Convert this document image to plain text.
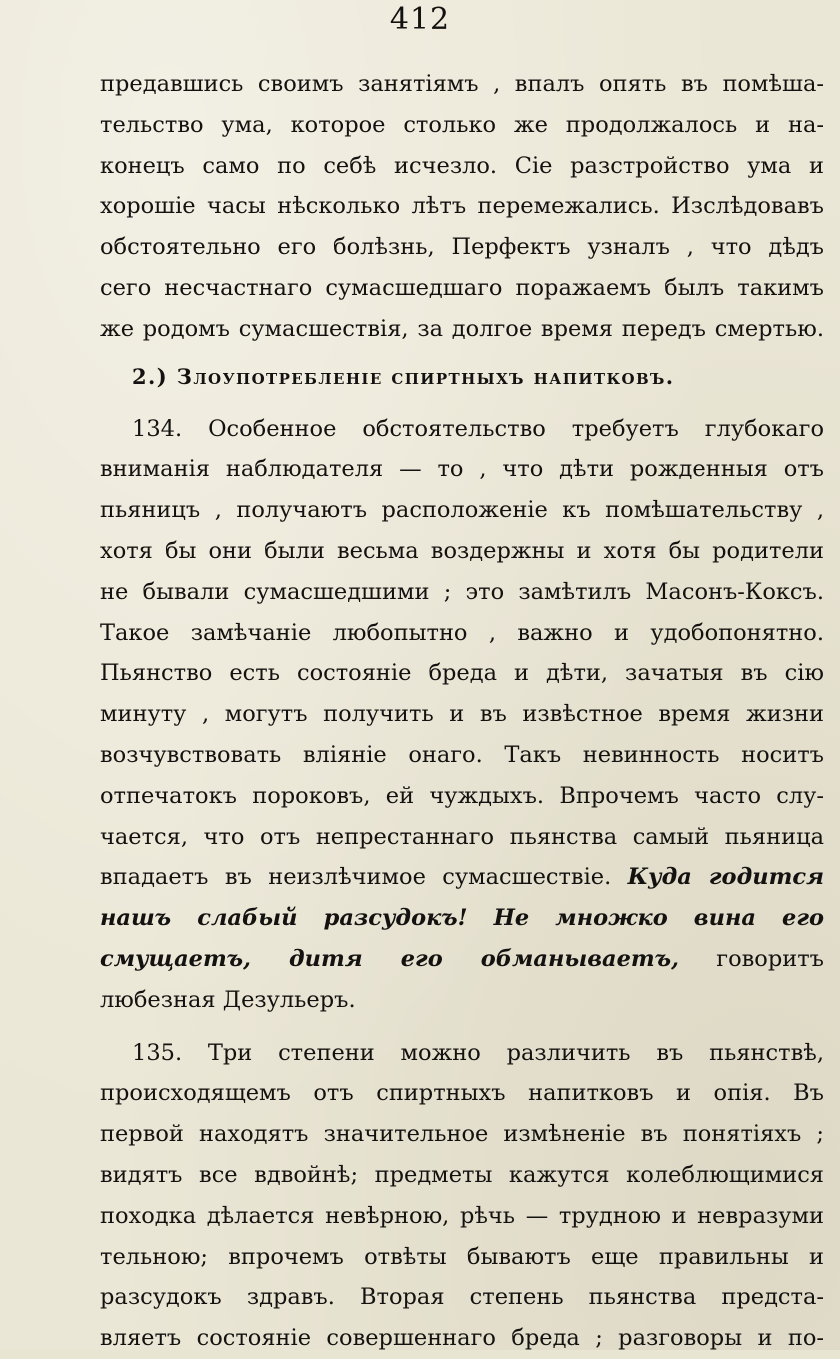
412
предавшись своимъ занятіямъ , впалъ опять въ помѣша-
тельство ума, которое столько же продолжалось и на-
конецъ само по себѣ исчезло. Сіе разстройство ума и
хорошіе часы нѣсколько лѣтъ перемежались. Изслѣдовавъ
обстоятельно его болѣзнь, Перфектъ узналъ , что дѣдъ
сего несчастнаго сумасшедшаго поражаемъ былъ такимъ
же родомъ сумасшествія, за долгое время передъ смертью.
2.) Злоупотребленіе спиртныхъ напитковъ.
134. Особенное обстоятельство требуетъ глубокаго
вниманія наблюдателя — то , что дѣти рожденныя отъ
пьяницъ , получаютъ расположеніе къ помѣшательству ,
хотя бы они были весьма воздержны и хотя бы родители
не бывали сумасшедшими ; это замѣтилъ Масонъ-Коксъ.
Такое замѣчаніе любопытно , важно и удобопонятно.
Пьянство есть состояніе бреда и дѣти, зачатыя въ сію
минуту , могутъ получить и въ извѣстное время жизни
возчувствовать вліяніе онаго. Такъ невинность носитъ
отпечатокъ пороковъ, ей чуждыхъ. Впрочемъ часто слу-
чается, что отъ непрестаннаго пьянства самый пьяница
впадаетъ въ неизлѣчимое сумасшествіе. Куда годится
нашъ слабый разсудокъ! Не множко вина его
смущаетъ, дитя его обманываетъ, говоритъ
любезная Дезульеръ.
135. Три степени можно различить въ пьянствѣ,
происходящемъ отъ спиртныхъ напитковъ и опія. Въ
первой находятъ значительное измѣненіе въ понятіяхъ ;
видятъ все вдвойнѣ; предметы кажутся колеблющимися
походка дѣлается невѣрною, рѣчь — трудною и невразуми
тельною; впрочемъ отвѣты бываютъ еще правильны и
разсудокъ здравъ. Вторая степень пьянства предста-
вляетъ состояніе совершеннаго бреда ; разговоры и по-
